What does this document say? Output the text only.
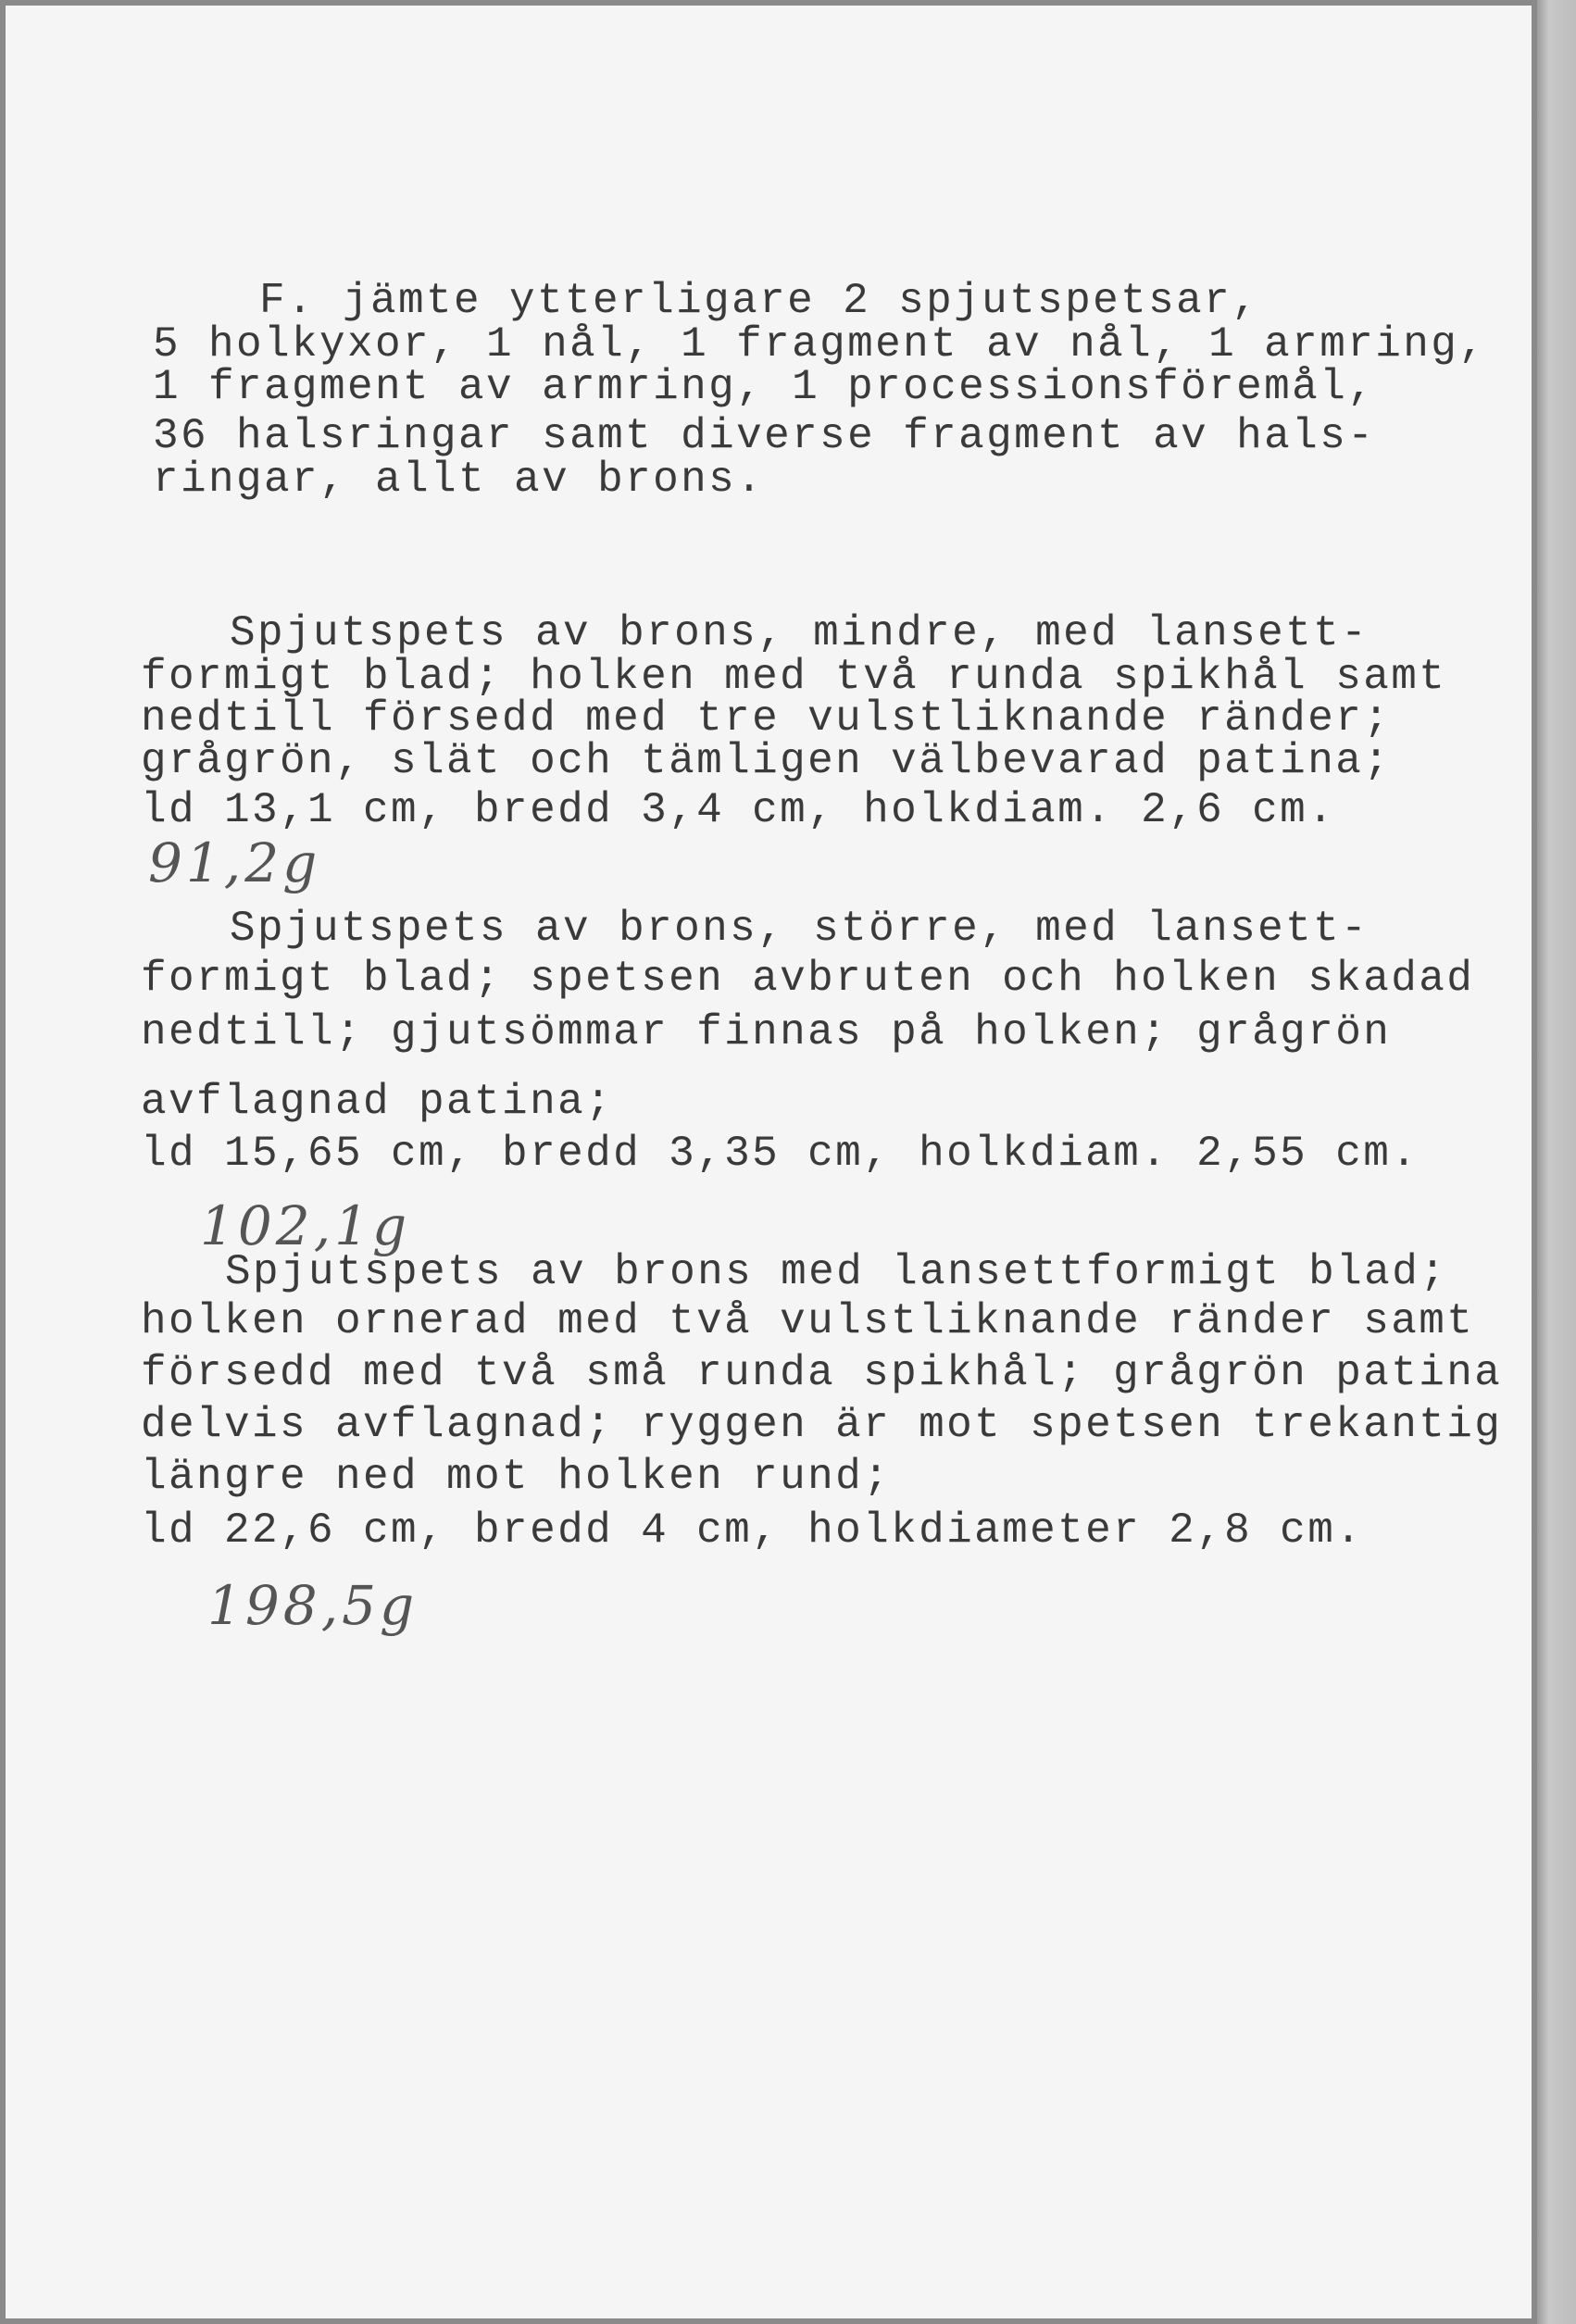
F. jämte ytterligare 2 spjutspetsar,
5 holkyxor, 1 nål, 1 fragment av nål, 1 armring,
1 fragment av armring, 1 processionsföremål,
36 halsringar samt diverse fragment av hals-
ringar, allt av brons.
Spjutspets av brons, mindre, med lansett-
formigt blad; holken med två runda spikhål samt
nedtill försedd med tre vulstliknande ränder;
grågrön, slät och tämligen välbevarad patina;
ld 13,1 cm, bredd 3,4 cm, holkdiam. 2,6 cm.
91,2g
Spjutspets av brons, större, med lansett-
formigt blad; spetsen avbruten och holken skadad
nedtill; gjutsömmar finnas på holken; grågrön
avflagnad patina;
ld 15,65 cm, bredd 3,35 cm, holkdiam. 2,55 cm.
102,1g
Spjutspets av brons med lansettformigt blad;
holken ornerad med två vulstliknande ränder samt
försedd med två små runda spikhål; grågrön patina
delvis avflagnad; ryggen är mot spetsen trekantig
längre ned mot holken rund;
ld 22,6 cm, bredd 4 cm, holkdiameter 2,8 cm.
198,5g
